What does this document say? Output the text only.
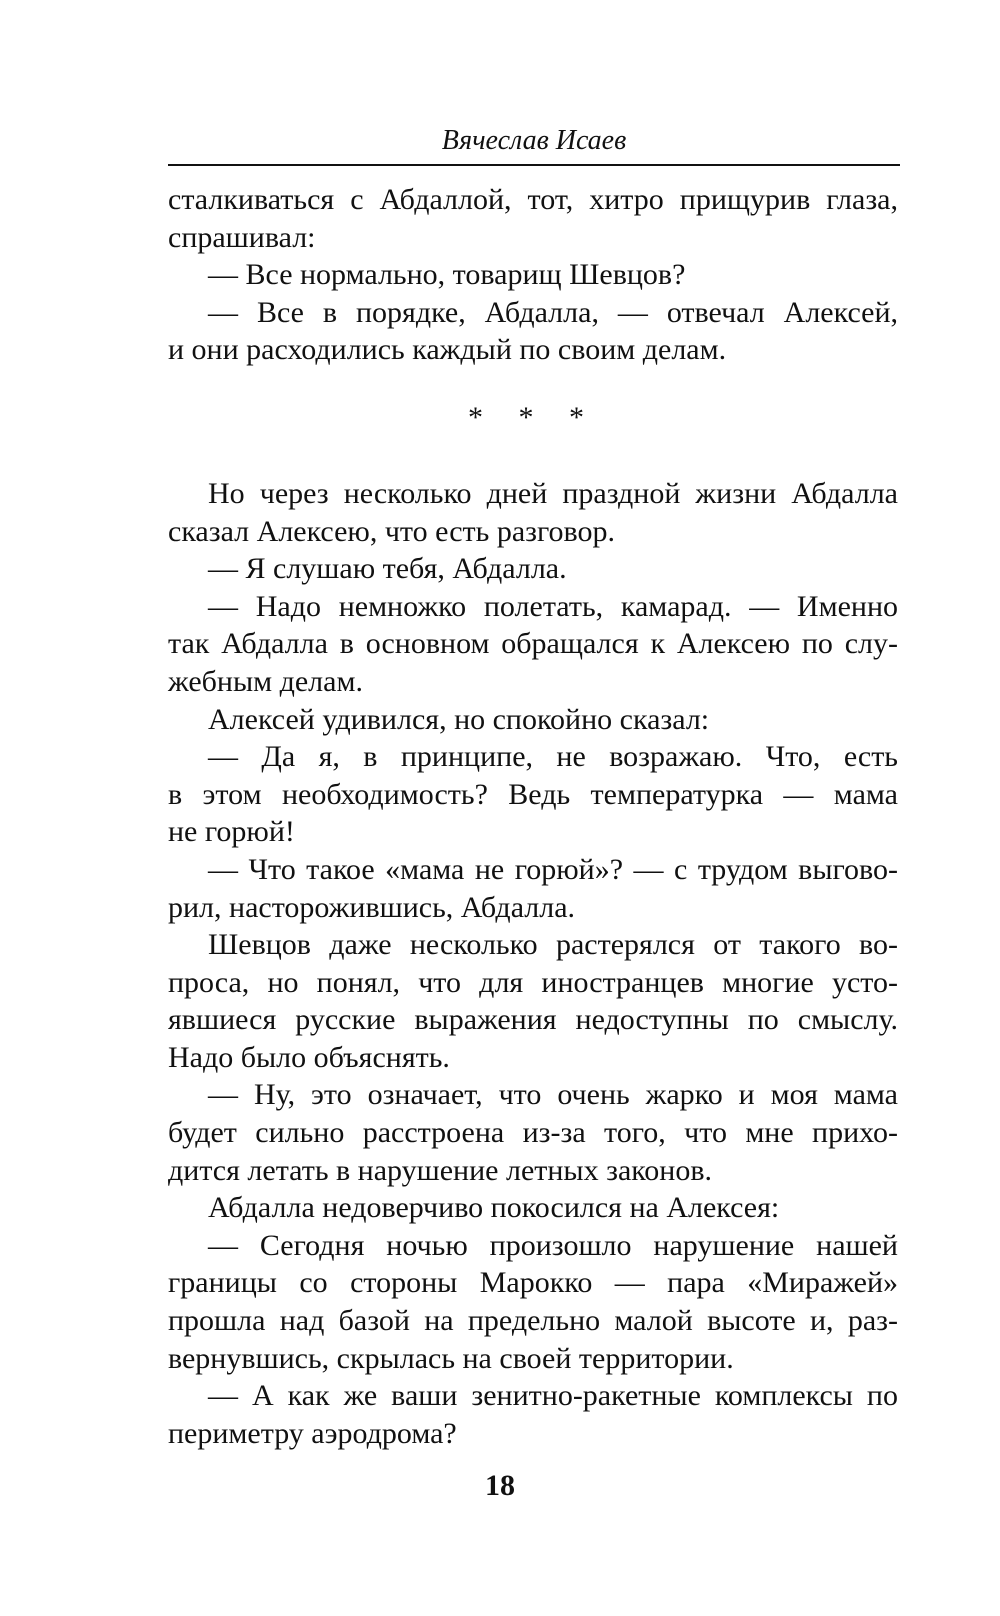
Вячеслав Исаев
сталкиваться с Абдаллой, тот, хитро прищурив глаза,
спрашивал:
— Все нормально, товарищ Шевцов?
— Все в порядке, Абдалла, — отвечал Алексей,
и они расходились каждый по своим делам.
* * *
Но через несколько дней праздной жизни Абдалла
сказал Алексею, что есть разговор.
— Я слушаю тебя, Абдалла.
— Надо немножко полетать, камарад. — Именно
так Абдалла в основном обращался к Алексею по слу-
жебным делам.
Алексей удивился, но спокойно сказал:
— Да я, в принципе, не возражаю. Что, есть
в этом необходимость? Ведь температурка — мама
не горюй!
— Что такое «мама не горюй»? — с трудом выгово-
рил, насторожившись, Абдалла.
Шевцов даже несколько растерялся от такого во-
проса, но понял, что для иностранцев многие усто-
явшиеся русские выражения недоступны по смыслу.
Надо было объяснять.
— Ну, это означает, что очень жарко и моя мама
будет сильно расстроена из-за того, что мне прихо-
дится летать в нарушение летных законов.
Абдалла недоверчиво покосился на Алексея:
— Сегодня ночью произошло нарушение нашей
границы со стороны Марокко — пара «Миражей»
прошла над базой на предельно малой высоте и, раз-
вернувшись, скрылась на своей территории.
— А как же ваши зенитно-ракетные комплексы по
периметру аэродрома?
18
